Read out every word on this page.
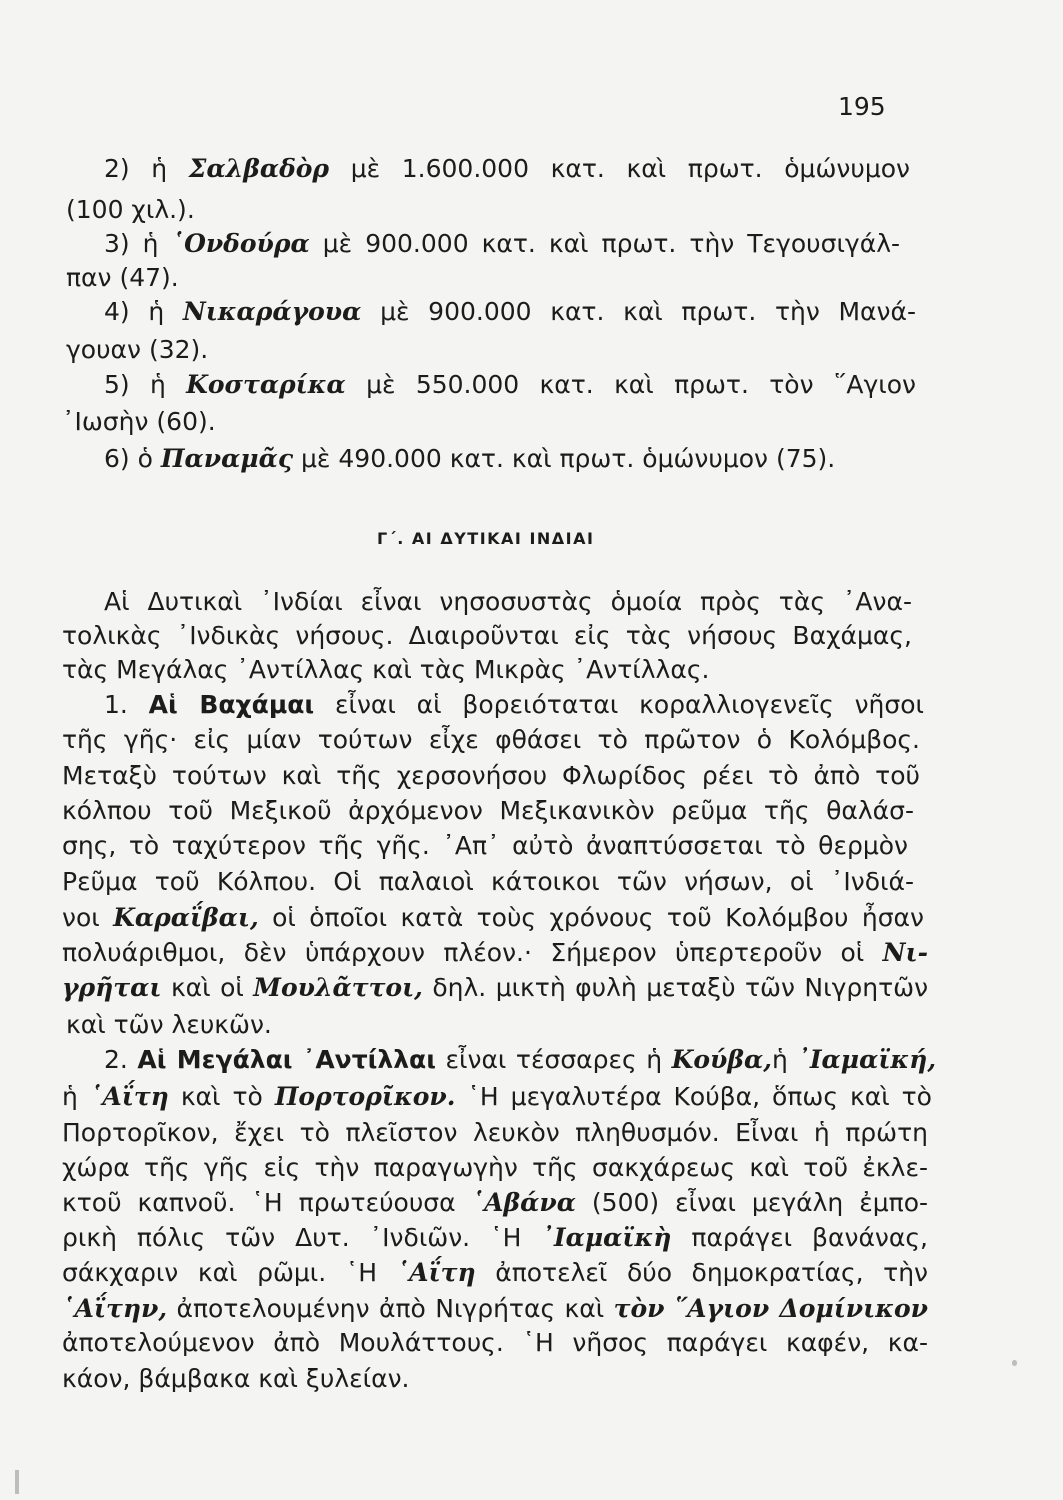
195
2) ἡ Σαλβαδὸρ μὲ 1.600.000 κατ. καὶ πρωτ. ὁμώνυμον
(100 χιλ.).
3) ἡ ῾Ονδούρα μὲ 900.000 κατ. καὶ πρωτ. τὴν Τεγουσιγάλ-
παν (47).
4) ἡ Νικαράγουα μὲ 900.000 κατ. καὶ πρωτ. τὴν Μανά-
γουαν (32).
5) ἡ Κοσταρίκα μὲ 550.000 κατ. καὶ πρωτ. τὸν ῞Αγιον
᾿Ιωσὴν (60).
6) ὁ Παναμᾶς μὲ 490.000 κατ. καὶ πρωτ. ὁμώνυμον (75).
Γ΄. ΑΙ ΔΥΤΙΚΑΙ ΙΝΔΙΑΙ
Αἱ Δυτικαὶ ᾿Ινδίαι εἶναι νησοσυστὰς ὁμοία πρὸς τὰς ᾿Ανα-
τολικὰς ᾿Ινδικὰς νήσους. Διαιροῦνται εἰς τὰς νήσους Βαχάμας,
τὰς Μεγάλας ᾿Αντίλλας καὶ τὰς Μικρὰς ᾿Αντίλλας.
1. Αἱ Βαχάμαι εἶναι αἱ βορειόταται κοραλλιογενεῖς νῆσοι
τῆς γῆς· εἰς μίαν τούτων εἶχε φθάσει τὸ πρῶτον ὁ Κολόμβος.
Μεταξὺ τούτων καὶ τῆς χερσονήσου Φλωρίδος ρέει τὸ ἀπὸ τοῦ
κόλπου τοῦ Μεξικοῦ ἀρχόμενον Μεξικανικὸν ρεῦμα τῆς θαλάσ-
σης, τὸ ταχύτερον τῆς γῆς. ᾿Απ᾿ αὐτὸ ἀναπτύσσεται τὸ θερμὸν
Ρεῦμα τοῦ Κόλπου. Οἱ παλαιοὶ κάτοικοι τῶν νήσων, οἱ ᾿Ινδιά-
νοι Καραΐβαι, οἱ ὁποῖοι κατὰ τοὺς χρόνους τοῦ Κολόμβου ἦσαν
πολυάριθμοι, δὲν ὑπάρχουν πλέον.· Σήμερον ὑπερτεροῦν οἱ Νι-
γρῆται καὶ οἱ Μουλᾶττοι, δηλ. μικτὴ φυλὴ μεταξὺ τῶν Νιγρητῶν
καὶ τῶν λευκῶν.
2. Αἱ Μεγάλαι ᾿Αντίλλαι εἶναι τέσσαρες ἡ Κούβα,ἡ ᾿Ιαμαϊκή,
ἡ ῾Αΐτη καὶ τὸ Πορτορῖκον. ῾Η μεγαλυτέρα Κούβα, ὅπως καὶ τὸ
Πορτορῖκον, ἔχει τὸ πλεῖστον λευκὸν πληθυσμόν. Εἶναι ἡ πρώτη
χώρα τῆς γῆς εἰς τὴν παραγωγὴν τῆς σακχάρεως καὶ τοῦ ἐκλε-
κτοῦ καπνοῦ. ῾Η πρωτεύουσα ῾Αβάνα (500) εἶναι μεγάλη ἐμπο-
ρικὴ πόλις τῶν Δυτ. ᾿Ινδιῶν. ῾Η ᾿Ιαμαϊκὴ παράγει βανάνας,
σάκχαριν καὶ ρῶμι. ῾Η ῾Αΐτη ἀποτελεῖ δύο δημοκρατίας, τὴν
῾Αΐτην, ἀποτελουμένην ἀπὸ Νιγρήτας καὶ τὸν ῞Αγιον Δομίνικον
ἀποτελούμενον ἀπὸ Μουλάττους. ῾Η νῆσος παράγει καφέν, κα-
κάον, βάμβακα καὶ ξυλείαν.
